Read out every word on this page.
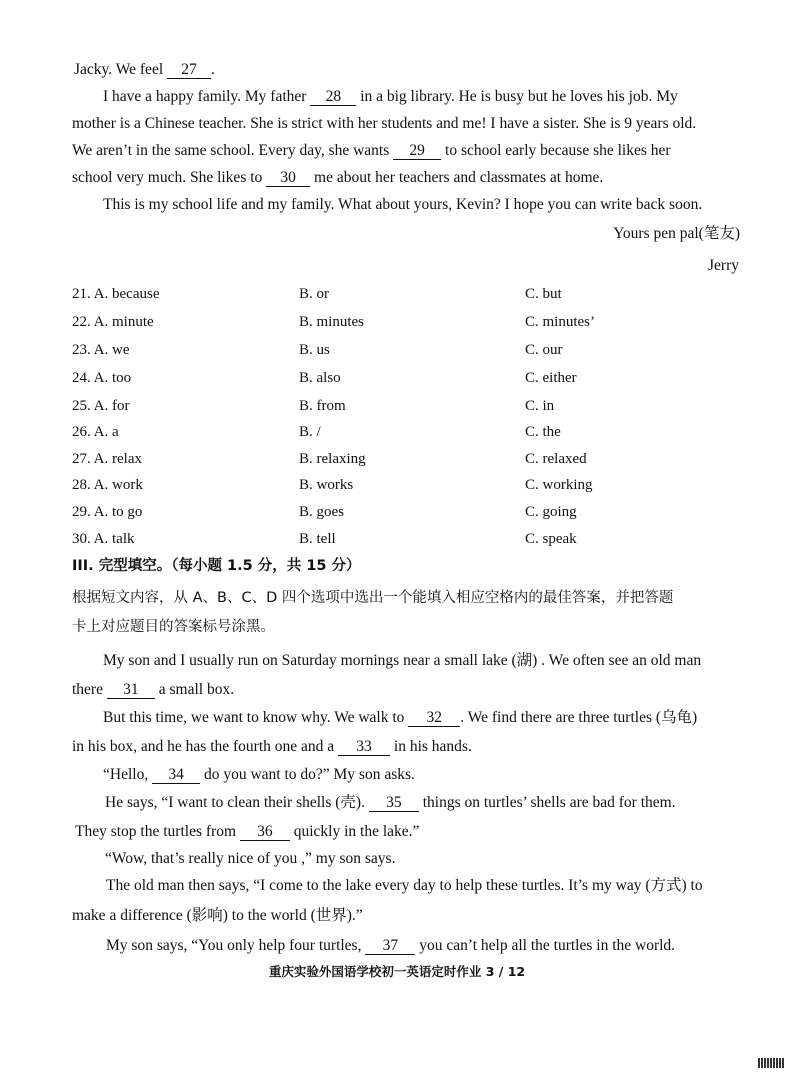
Jacky. We feel 27 .
I have a happy family. My father 28 in a big library. He is busy but he loves his job. My
mother is a Chinese teacher. She is strict with her students and me! I have a sister. She is 9 years old.
We aren’t in the same school. Every day, she wants 29 to school early because she likes her
school very much. She likes to 30 me about her teachers and classmates at home.
This is my school life and my family. What about yours, Kevin? I hope you can write back soon.
Yours pen pal(笔友)
Jerry
21. A. because	B. or	C. but
22. A. minute	B. minutes	C. minutes’
23. A. we	B. us	C. our
24. A. too	B. also	C. either
25. A. for	B. from	C. in
26. A. a	B. /	C. the
27. A. relax	B. relaxing	C. relaxed
28. A. work	B. works	C. working
29. A. to go	B. goes	C. going
30. A. talk	B. tell	C. speak
III. 完型填空。（每小题 1.5 分，共 15 分）
根据短文内容，从 A、B、C、D 四个选项中选出一个能填入相应空格内的最佳答案，并把答题
卡上对应题目的答案标号涂黑。
My son and I usually run on Saturday mornings near a small lake (湖) . We often see an old man
there 31 a small box.
But this time, we want to know why. We walk to 32 . We find there are three turtles (乌龟)
in his box, and he has the fourth one and a 33 in his hands.
“Hello, 34 do you want to do?” My son asks.
He says, “I want to clean their shells (壳). 35 things on turtles’ shells are bad for them.
They stop the turtles from 36 quickly in the lake.”
“Wow, that’s really nice of you ,” my son says.
The old man then says, “I come to the lake every day to help these turtles. It’s my way (方式) to
make a difference (影响) to the world (世界).”
My son says, “You only help four turtles, 37 you can’t help all the turtles in the world.
重庆实验外国语学校初一英语定时作业 3 / 12
